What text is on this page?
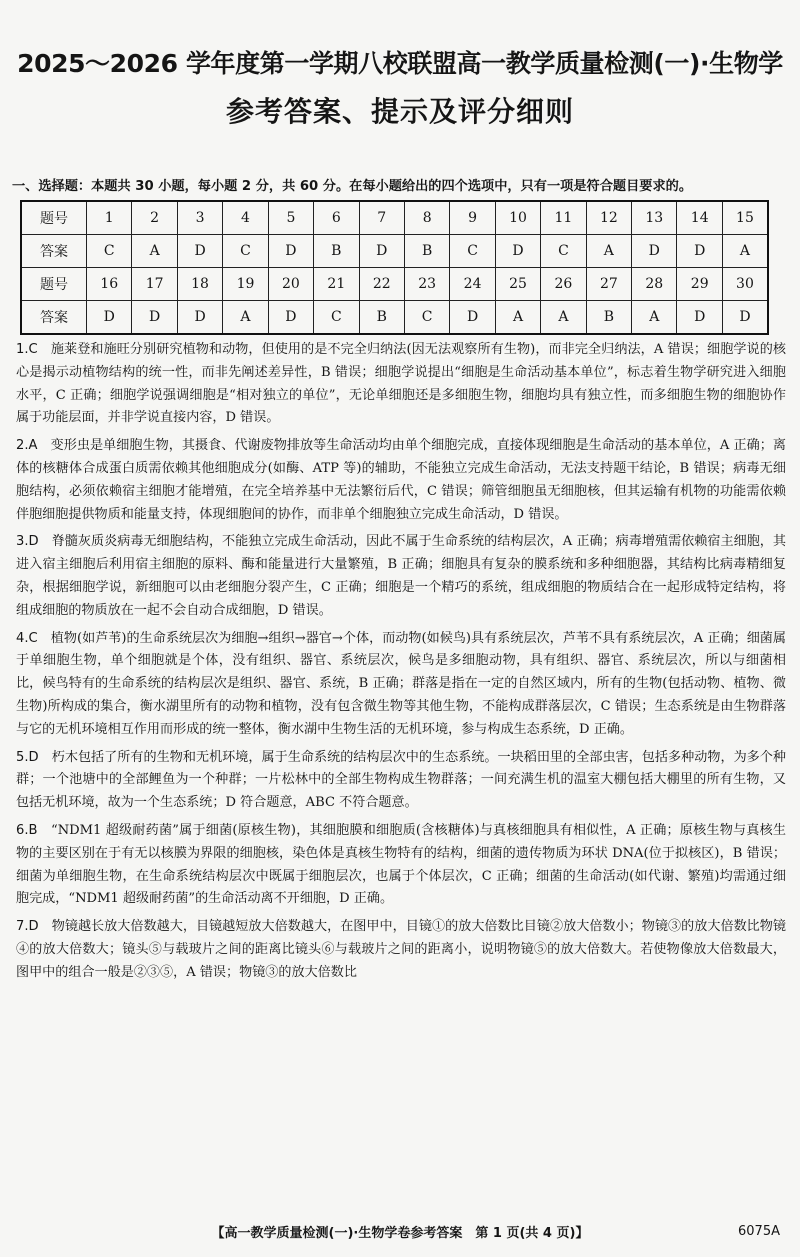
2025～2026 学年度第一学期八校联盟高一教学质量检测(一)·生物学
参考答案、提示及评分细则
一、选择题：本题共 30 小题，每小题 2 分，共 60 分。在每小题给出的四个选项中，只有一项是符合题目要求的。
题号	1	2	3	4	5	6	7	8	9	10	11	12	13	14	15
答案	C	A	D	C	D	B	D	B	C	D	C	A	D	D	A
题号	16	17	18	19	20	21	22	23	24	25	26	27	28	29	30
答案	D	D	D	A	D	C	B	C	D	A	A	B	A	D	D

1.C　 施莱登和施旺分别研究植物和动物，但使用的是不完全归纳法(因无法观察所有生物)，而非完全归纳法，A 错误；细胞学说的核心是揭示动植物结构的统一性，而非先阐述差异性，B 错误；细胞学说提出“细胞是生命活动基本单位”，标志着生物学研究进入细胞水平，C 正确；细胞学说强调细胞是“相对独立的单位”，无论单细胞还是多细胞生物，细胞均具有独立性，而多细胞生物的细胞协作属于功能层面，并非学说直接内容，D 错误。

2.A　 变形虫是单细胞生物，其摄食、代谢废物排放等生命活动均由单个细胞完成，直接体现细胞是生命活动的基本单位，A 正确；离体的核糖体合成蛋白质需依赖其他细胞成分(如酶、ATP 等)的辅助，不能独立完成生命活动，无法支持题干结论，B 错误；病毒无细胞结构，必须依赖宿主细胞才能增殖，在完全培养基中无法繁衍后代，C 错误；筛管细胞虽无细胞核，但其运输有机物的功能需依赖伴胞细胞提供物质和能量支持，体现细胞间的协作，而非单个细胞独立完成生命活动，D 错误。

3.D　 脊髓灰质炎病毒无细胞结构，不能独立完成生命活动，因此不属于生命系统的结构层次，A 正确；病毒增殖需依赖宿主细胞，其进入宿主细胞后利用宿主细胞的原料、酶和能量进行大量繁殖，B 正确；细胞具有复杂的膜系统和多种细胞器，其结构比病毒精细复杂，根据细胞学说，新细胞可以由老细胞分裂产生，C 正确；细胞是一个精巧的系统，组成细胞的物质结合在一起形成特定结构，将组成细胞的物质放在一起不会自动合成细胞，D 错误。

4.C　 植物(如芦苇)的生命系统层次为细胞→组织→器官→个体，而动物(如候鸟)具有系统层次，芦苇不具有系统层次，A 正确；细菌属于单细胞生物，单个细胞就是个体，没有组织、器官、系统层次，候鸟是多细胞动物，具有组织、器官、系统层次，所以与细菌相比，候鸟特有的生命系统的结构层次是组织、器官、系统，B 正确；群落是指在一定的自然区域内，所有的生物(包括动物、植物、微生物)所构成的集合，衡水湖里所有的动物和植物，没有包含微生物等其他生物，不能构成群落层次，C 错误；生态系统是由生物群落与它的无机环境相互作用而形成的统一整体，衡水湖中生物生活的无机环境，参与构成生态系统，D 正确。

5.D　 朽木包括了所有的生物和无机环境，属于生命系统的结构层次中的生态系统。一块稻田里的全部虫害，包括多种动物，为多个种群；一个池塘中的全部鲤鱼为一个种群；一片松林中的全部生物构成生物群落；一间充满生机的温室大棚包括大棚里的所有生物，又包括无机环境，故为一个生态系统；D 符合题意，ABC 不符合题意。

6.B　 “NDM1 超级耐药菌”属于细菌(原核生物)，其细胞膜和细胞质(含核糖体)与真核细胞具有相似性，A 正确；原核生物与真核生物的主要区别在于有无以核膜为界限的细胞核，染色体是真核生物特有的结构，细菌的遗传物质为环状 DNA(位于拟核区)，B 错误；细菌为单细胞生物，在生命系统结构层次中既属于细胞层次，也属于个体层次，C 正确；细菌的生命活动(如代谢、繁殖)均需通过细胞完成，“NDM1 超级耐药菌”的生命活动离不开细胞，D 正确。

7.D　 物镜越长放大倍数越大，目镜越短放大倍数越大，在图甲中，目镜①的放大倍数比目镜②放大倍数小；物镜③的放大倍数比物镜④的放大倍数大；镜头⑤与载玻片之间的距离比镜头⑥与载玻片之间的距离小，说明物镜⑤的放大倍数大。若使物像放大倍数最大，图甲中的组合一般是②③⑤，A 错误；物镜③的放大倍数比

【高一教学质量检测(一)·生物学卷参考答案　第 1 页(共 4 页)】	6075A
